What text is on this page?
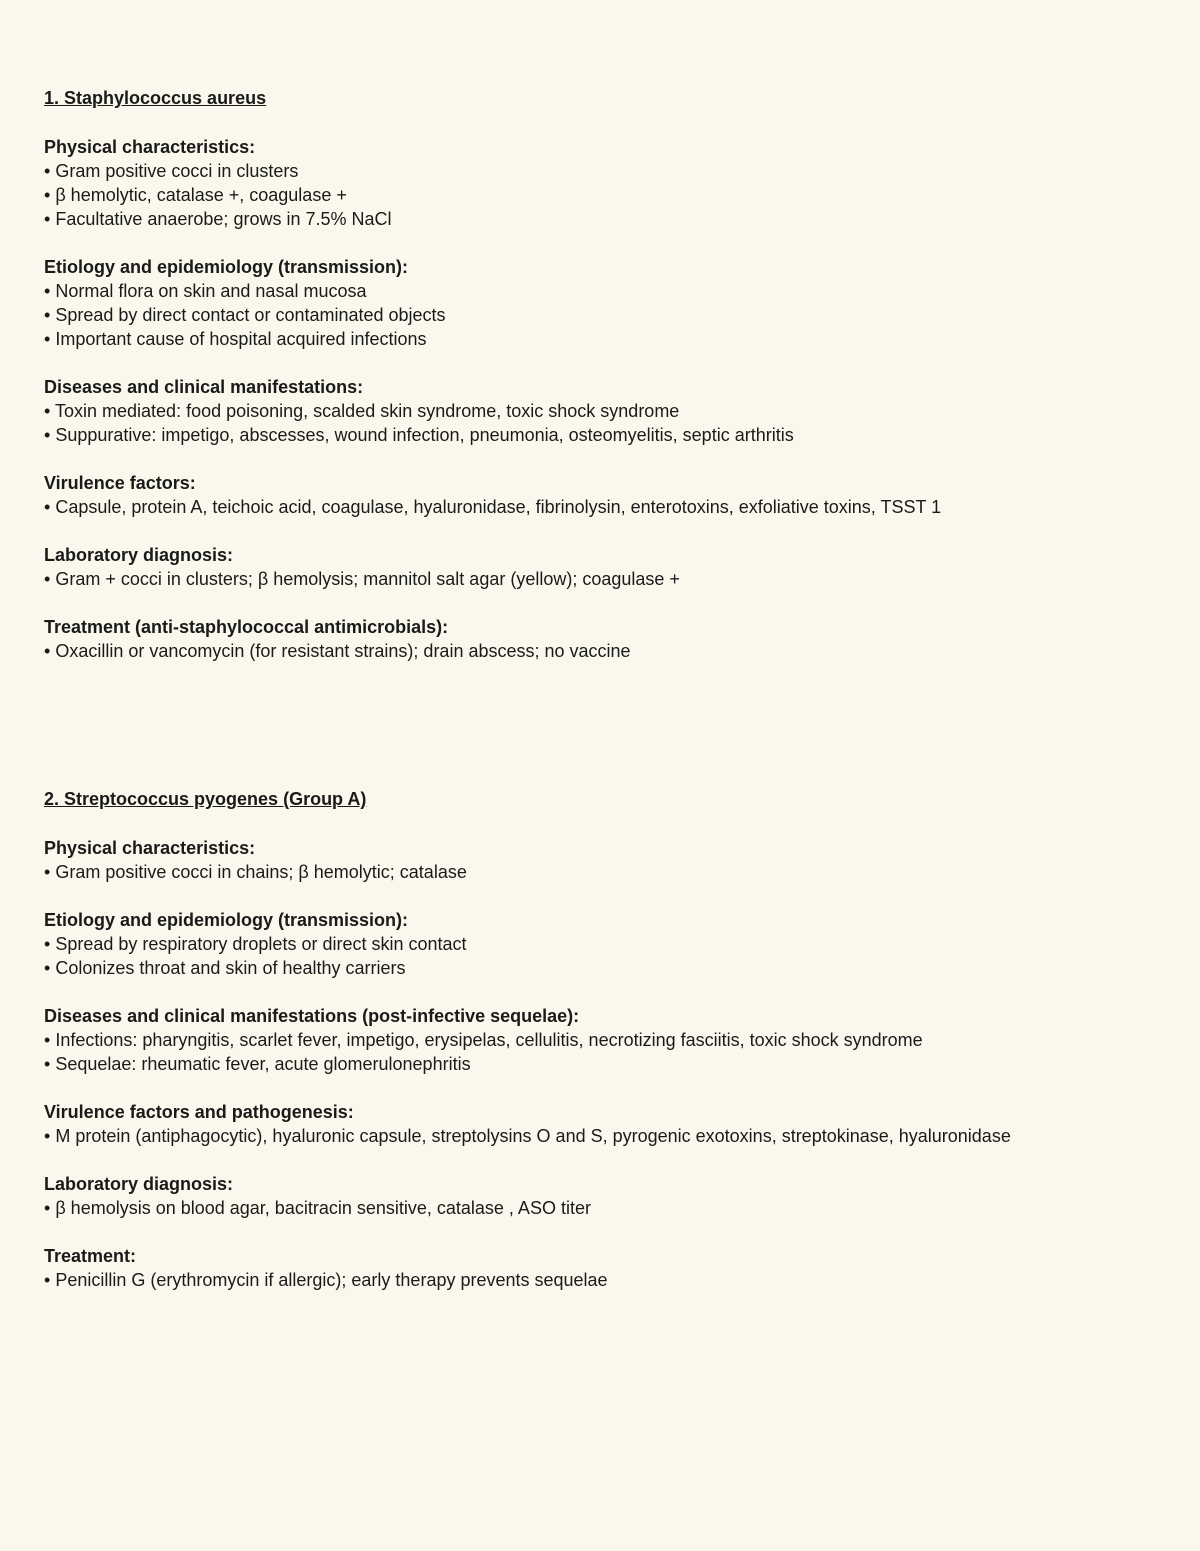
1. Staphylococcus aureus
Physical characteristics:
• Gram positive cocci in clusters
• β hemolytic, catalase +, coagulase +
• Facultative anaerobe; grows in 7.5% NaCl
Etiology and epidemiology (transmission):
• Normal flora on skin and nasal mucosa
• Spread by direct contact or contaminated objects
• Important cause of hospital acquired infections
Diseases and clinical manifestations:
• Toxin mediated: food poisoning, scalded skin syndrome, toxic shock syndrome
• Suppurative: impetigo, abscesses, wound infection, pneumonia, osteomyelitis, septic arthritis
Virulence factors:
• Capsule, protein A, teichoic acid, coagulase, hyaluronidase, fibrinolysin, enterotoxins, exfoliative toxins, TSST 1
Laboratory diagnosis:
• Gram + cocci in clusters; β hemolysis; mannitol salt agar (yellow); coagulase +
Treatment (anti-staphylococcal antimicrobials):
• Oxacillin or vancomycin (for resistant strains); drain abscess; no vaccine
2. Streptococcus pyogenes (Group A)
Physical characteristics:
• Gram positive cocci in chains; β hemolytic; catalase
Etiology and epidemiology (transmission):
• Spread by respiratory droplets or direct skin contact
• Colonizes throat and skin of healthy carriers
Diseases and clinical manifestations (post-infective sequelae):
• Infections: pharyngitis, scarlet fever, impetigo, erysipelas, cellulitis, necrotizing fasciitis, toxic shock syndrome
• Sequelae: rheumatic fever, acute glomerulonephritis
Virulence factors and pathogenesis:
• M protein (antiphagocytic), hyaluronic capsule, streptolysins O and S, pyrogenic exotoxins, streptokinase, hyaluronidase
Laboratory diagnosis:
• β hemolysis on blood agar, bacitracin sensitive, catalase , ASO titer
Treatment:
• Penicillin G (erythromycin if allergic); early therapy prevents sequelae
